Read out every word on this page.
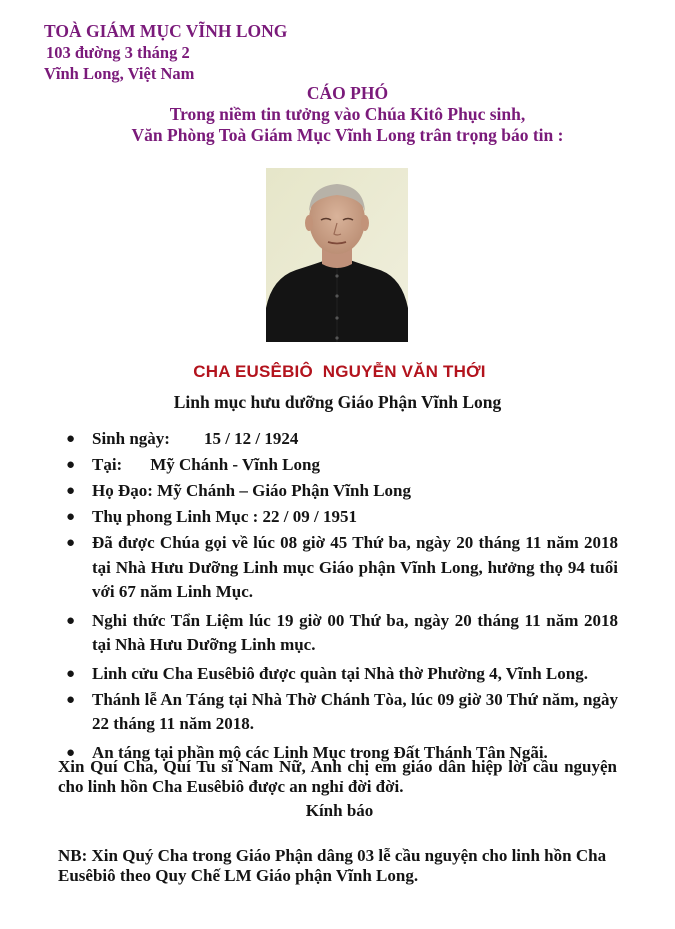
TOÀ GIÁM MỤC VĨNH LONG
103 đường 3 tháng 2
Vĩnh Long, Việt Nam
CÁO PHÓ
Trong niềm tin tưởng vào Chúa Kitô Phục sinh,
Văn Phòng Toà Giám Mục Vĩnh Long trân trọng báo tin :
CHA EUSÊBIÔ  NGUYỄN VĂN THỚI
Linh mục hưu dưỡng Giáo Phận Vĩnh Long
● Sinh ngày: 15 / 12 / 1924
● Tại: Mỹ Chánh - Vĩnh Long
● Họ Đạo: Mỹ Chánh – Giáo Phận Vĩnh Long
● Thụ phong Linh Mục : 22 / 09 / 1951
● Đã được Chúa gọi về lúc 08 giờ 45 Thứ ba, ngày 20 tháng 11 năm 2018 tại Nhà Hưu Dưỡng Linh mục Giáo phận Vĩnh Long, hưởng thọ 94 tuổi với 67 năm Linh Mục.
● Nghi thức Tẩn Liệm lúc 19 giờ 00 Thứ ba, ngày 20 tháng 11 năm 2018 tại Nhà Hưu Dưỡng Linh mục.
● Linh cửu Cha Eusêbiô được quàn tại Nhà thờ Phường 4, Vĩnh Long.
● Thánh lễ An Táng tại Nhà Thờ Chánh Tòa, lúc 09 giờ 30 Thứ năm, ngày 22 tháng 11 năm 2018.
● An táng tại phần mộ các Linh Mục trong Đất Thánh Tân Ngãi.
Xin Quí Cha, Quí Tu sĩ Nam Nữ, Anh chị em giáo dân hiệp lời cầu nguyện cho linh hồn Cha Eusêbiô được an nghỉ đời đời.
Kính báo
NB: Xin Quý Cha trong Giáo Phận dâng 03 lễ cầu nguyện cho linh hồn Cha Eusêbiô theo Quy Chế LM Giáo phận Vĩnh Long.
